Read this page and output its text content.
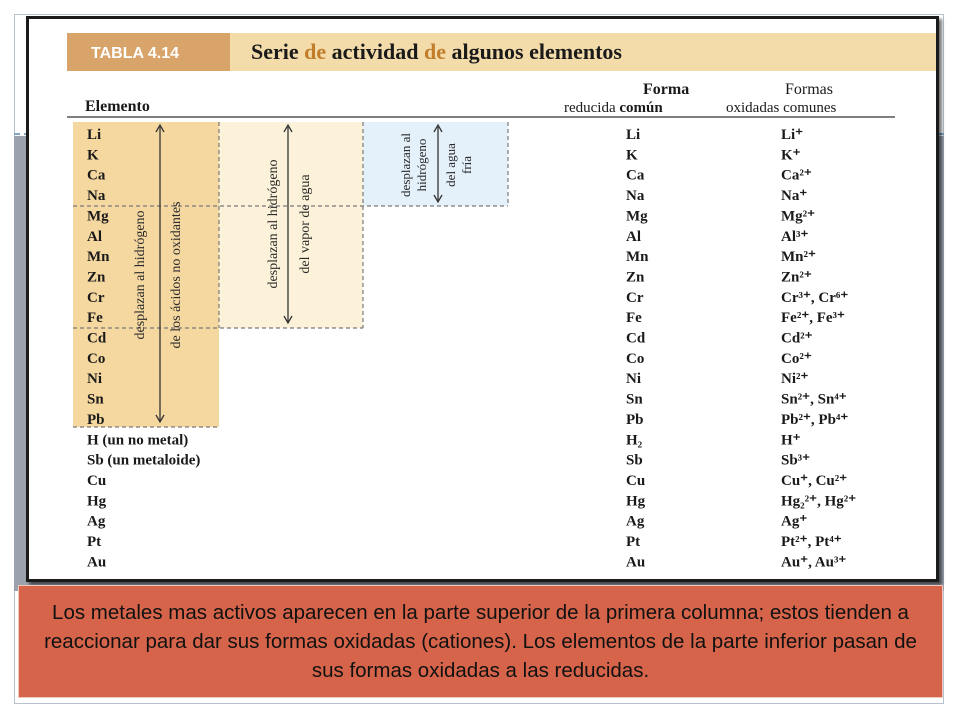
TABLA 4.14	Serie de actividad de algunos elementos
Elemento
Forma
reducida común
Formas
oxidadas comunes
desplazan al hidrógeno de los ácidos no oxidantes	desplazan al hidrógeno del vapor de agua
desplazan al hidrógeno del agua fría
Li	Li	Li⁺
K	K	K⁺
Ca	Ca	Ca²⁺
Na	Na	Na⁺
Mg	Mg	Mg²⁺
Al	Al	Al³⁺
Mn	Mn	Mn²⁺
Zn	Zn	Zn²⁺
Cr	Cr	Cr³⁺, Cr⁶⁺
Fe	Fe	Fe²⁺, Fe³⁺
Cd	Cd	Cd²⁺
Co	Co	Co²⁺
Ni	Ni	Ni²⁺
Sn	Sn	Sn²⁺, Sn⁴⁺
Pb	Pb	Pb²⁺, Pb⁴⁺
H (un no metal)	H₂	H⁺
Sb (un metaloide)	Sb	Sb³⁺
Cu	Cu	Cu⁺, Cu²⁺
Hg	Hg	Hg₂²⁺, Hg²⁺
Ag	Ag	Ag⁺
Pt	Pt	Pt²⁺, Pt⁴⁺
Au	Au	Au⁺, Au³⁺
Los metales mas activos aparecen en la parte superior de la primera columna; estos tienden a reaccionar para dar sus formas oxidadas (cationes). Los elementos de la parte inferior pasan de sus formas oxidadas a las reducidas.
